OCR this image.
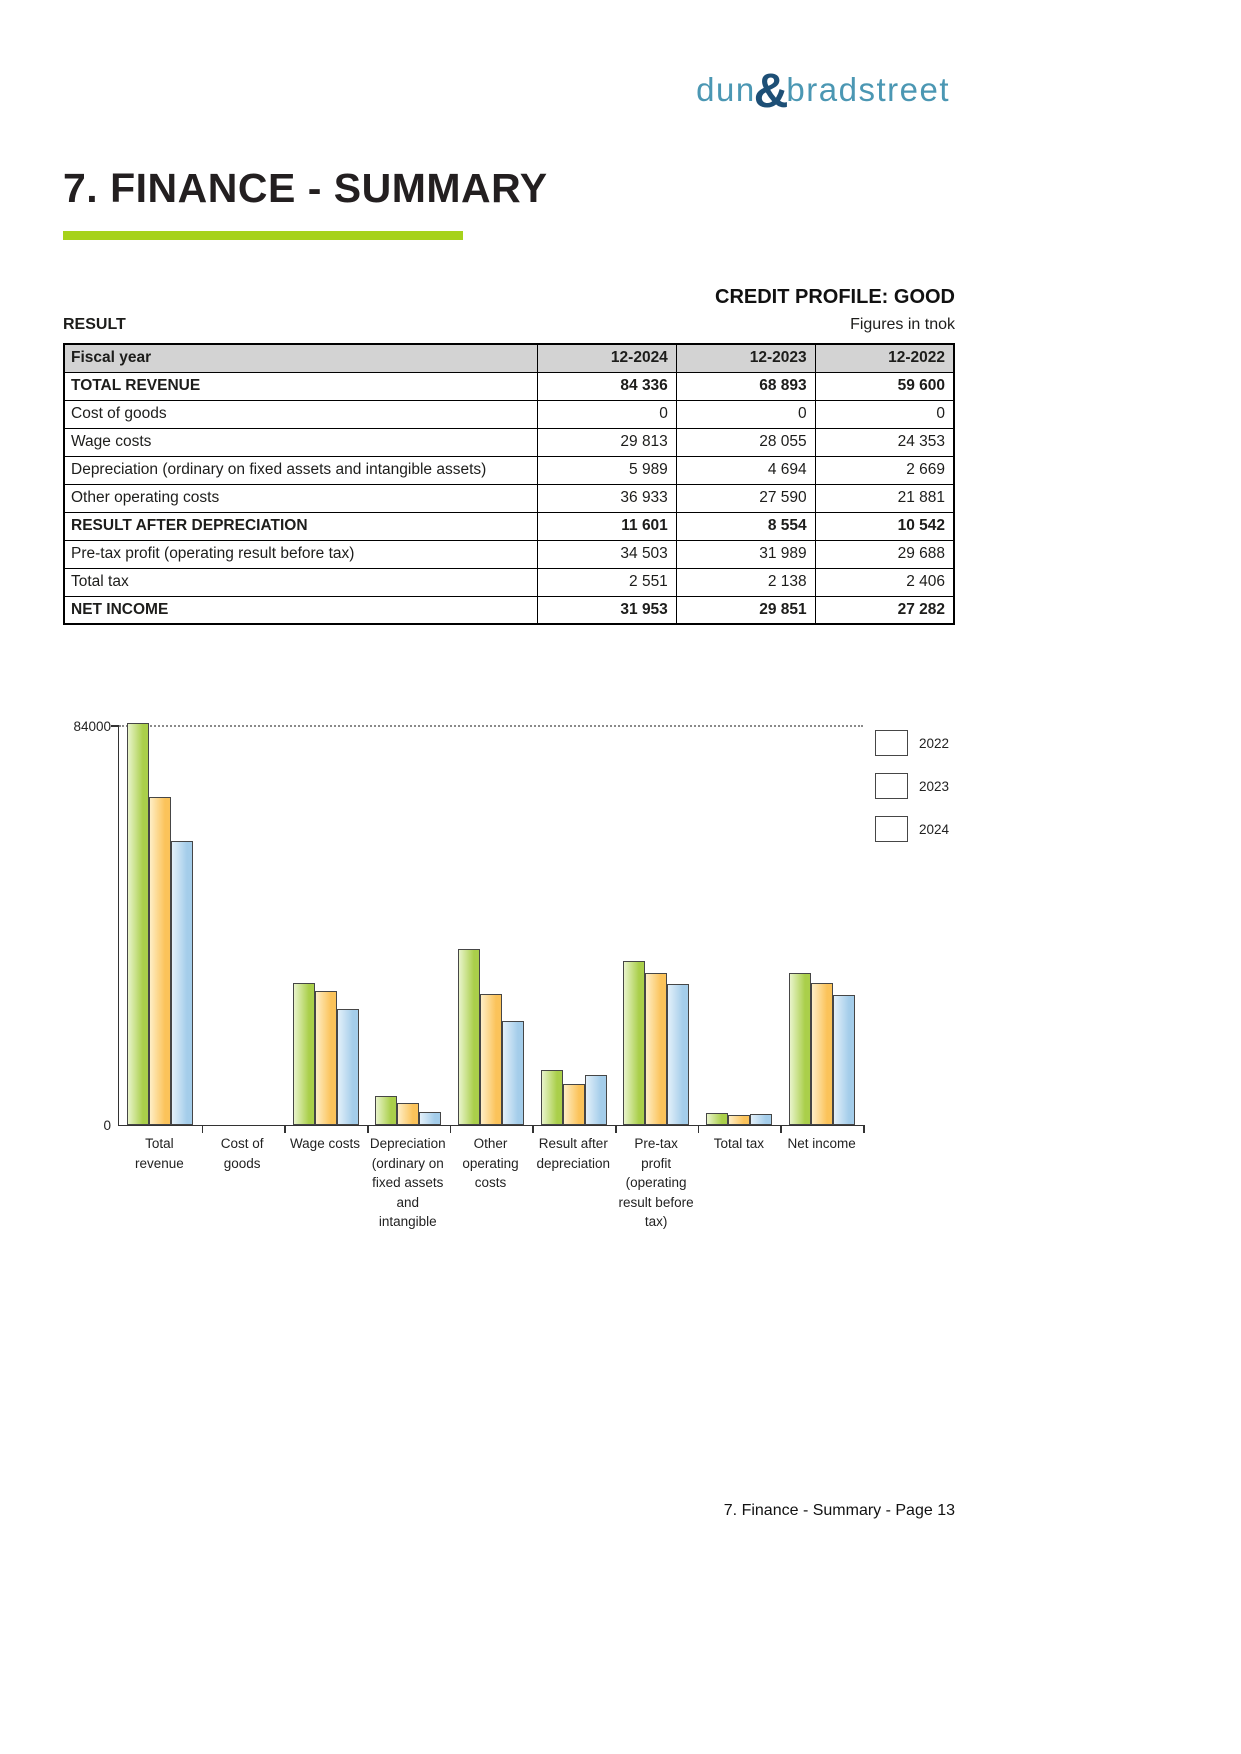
dun&bradstreet
7. FINANCE - SUMMARY
CREDIT PROFILE: GOOD
RESULT	Figures in tnok
Fiscal year	12-2024	12-2023	12-2022
TOTAL REVENUE	84 336	68 893	59 600
Cost of goods	0	0	0
Wage costs	29 813	28 055	24 353
Depreciation (ordinary on fixed assets and intangible assets)	5 989	4 694	2 669
Other operating costs	36 933	27 590	21 881
RESULT AFTER DEPRECIATION	11 601	8 554	10 542
Pre-tax profit (operating result before tax)	34 503	31 989	29 688
Total tax	2 551	2 138	2 406
NET INCOME	31 953	29 851	27 282
84000
0
Total revenue
Cost of goods
Wage costs Depreciation (ordinary on fixed assets and intangible
Other operating costs
Result after depreciation
Pre-tax profit (operating result before tax)
Total tax	Net income
2022
2023
2024
7. Finance - Summary - Page 13
